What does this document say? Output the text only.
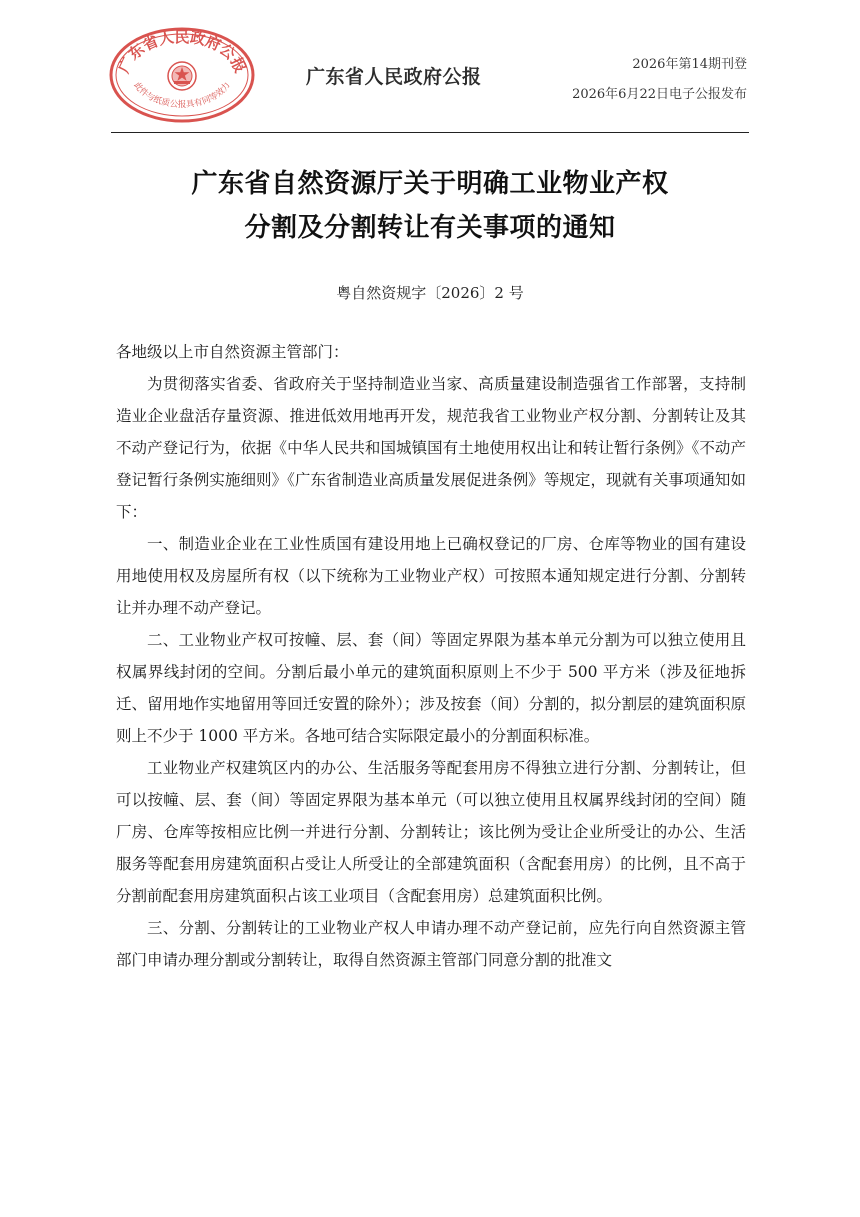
广东省人民政府公报
此件与纸质公报具有同等效力	广东省人民政府公报
2026年第14期刊登
2026年6月22日电子公报发布
广东省自然资源厅关于明确工业物业产权
分割及分割转让有关事项的通知
粤自然资规字〔2026〕2 号

各地级以上市自然资源主管部门：

为贯彻落实省委、省政府关于坚持制造业当家、高质量建设制造强省工作部署，支持制造业企业盘活存量资源、推进低效用地再开发，规范我省工业物业产权分割、分割转让及其不动产登记行为，依据《中华人民共和国城镇国有土地使用权出让和转让暂行条例》《不动产登记暂行条例实施细则》《广东省制造业高质量发展促进条例》等规定，现就有关事项通知如下：

一、制造业企业在工业性质国有建设用地上已确权登记的厂房、仓库等物业的国有建设用地使用权及房屋所有权（以下统称为工业物业产权）可按照本通知规定进行分割、分割转让并办理不动产登记。

二、工业物业产权可按幢、层、套（间）等固定界限为基本单元分割为可以独立使用且权属界线封闭的空间。分割后最小单元的建筑面积原则上不少于 500 平方米（涉及征地拆迁、留用地作实地留用等回迁安置的除外）；涉及按套（间）分割的，拟分割层的建筑面积原则上不少于 1000 平方米。各地可结合实际限定最小的分割面积标准。

工业物业产权建筑区内的办公、生活服务等配套用房不得独立进行分割、分割转让，但可以按幢、层、套（间）等固定界限为基本单元（可以独立使用且权属界线封闭的空间）随厂房、仓库等按相应比例一并进行分割、分割转让；该比例为受让企业所受让的办公、生活服务等配套用房建筑面积占受让人所受让的全部建筑面积（含配套用房）的比例，且不高于分割前配套用房建筑面积占该工业项目（含配套用房）总建筑面积比例。

三、分割、分割转让的工业物业产权人申请办理不动产登记前，应先行向自然资源主管部门申请办理分割或分割转让，取得自然资源主管部门同意分割的批准文
